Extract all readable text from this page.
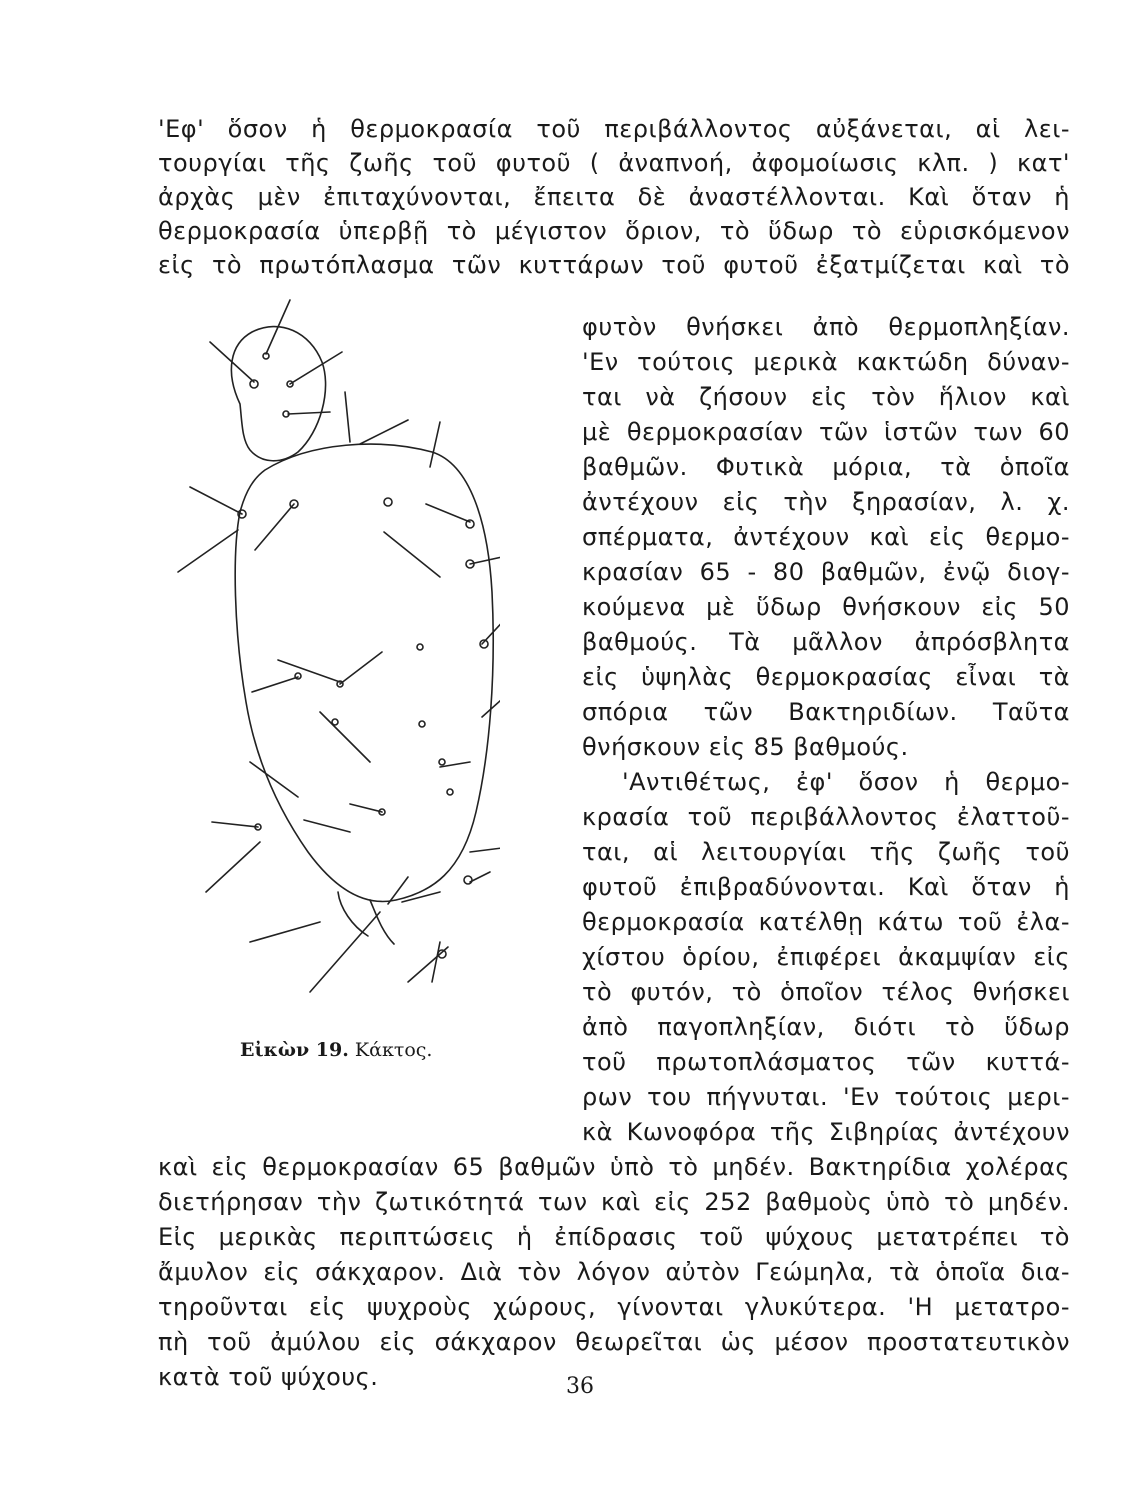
'Εφ' ὅσον ἡ θερμοκρασία τοῦ περιβάλλοντος αὐξάνεται, αἱ λει-
τουργίαι τῆς ζωῆς τοῦ φυτοῦ ( ἀναπνοή, ἀφομοίωσις κλπ. ) κατ'
ἀρχὰς μὲν ἐπιταχύνονται, ἔπειτα δὲ ἀναστέλλονται. Καὶ ὅταν ἡ
θερμοκρασία ὑπερβῇ τὸ μέγιστον ὅριον, τὸ ὕδωρ τὸ εὑρισκόμενον
εἰς τὸ πρωτόπλασμα τῶν κυττάρων τοῦ φυτοῦ ἐξατμίζεται καὶ τὸ
φυτὸν θνήσκει ἀπὸ θερμοπληξίαν.
'Εν τούτοις μερικὰ κακτώδη δύναν-
ται νὰ ζήσουν εἰς τὸν ἥλιον καὶ
μὲ θερμοκρασίαν τῶν ἱστῶν των 60
βαθμῶν. Φυτικὰ μόρια, τὰ ὁποῖα
ἀντέχουν εἰς τὴν ξηρασίαν, λ. χ.
σπέρματα, ἀντέχουν καὶ εἰς θερμο-
κρασίαν 65 - 80 βαθμῶν, ἐνῷ διογ-
κούμενα μὲ ὕδωρ θνήσκουν εἰς 50
βαθμούς. Τὰ μᾶλλον ἀπρόσβλητα
εἰς ὑψηλὰς θερμοκρασίας εἶναι τὰ
σπόρια τῶν Βακτηριδίων. Ταῦτα
θνήσκουν εἰς 85 βαθμούς.
'Αντιθέτως, ἐφ' ὅσον ἡ θερμο-
κρασία τοῦ περιβάλλοντος ἐλαττοῦ-
ται, αἱ λειτουργίαι τῆς ζωῆς τοῦ
φυτοῦ ἐπιβραδύνονται. Καὶ ὅταν ἡ
θερμοκρασία κατέλθῃ κάτω τοῦ ἐλα-
χίστου ὁρίου, ἐπιφέρει ἀκαμψίαν εἰς
τὸ φυτόν, τὸ ὁποῖον τέλος θνήσκει
ἀπὸ παγοπληξίαν, διότι τὸ ὕδωρ
τοῦ πρωτοπλάσματος τῶν κυττά-
ρων του πήγνυται. 'Εν τούτοις μερι-
κὰ Κωνοφόρα τῆς Σιβηρίας ἀντέχουν
καὶ εἰς θερμοκρασίαν 65 βαθμῶν ὑπὸ τὸ μηδέν. Βακτηρίδια χολέρας
διετήρησαν τὴν ζωτικότητά των καὶ εἰς 252 βαθμοὺς ὑπὸ τὸ μηδέν.
Εἰς μερικὰς περιπτώσεις ἡ ἐπίδρασις τοῦ ψύχους μετατρέπει τὸ
ἄμυλον εἰς σάκχαρον. Διὰ τὸν λόγον αὐτὸν Γεώμηλα, τὰ ὁποῖα δια-
τηροῦνται εἰς ψυχροὺς χώρους, γίνονται γλυκύτερα. 'Η μετατρο-
πὴ τοῦ ἀμύλου εἰς σάκχαρον θεωρεῖται ὡς μέσον προστατευτικὸν
κατὰ τοῦ ψύχους.
Εἰκὼν 19. Κάκτος.
36
